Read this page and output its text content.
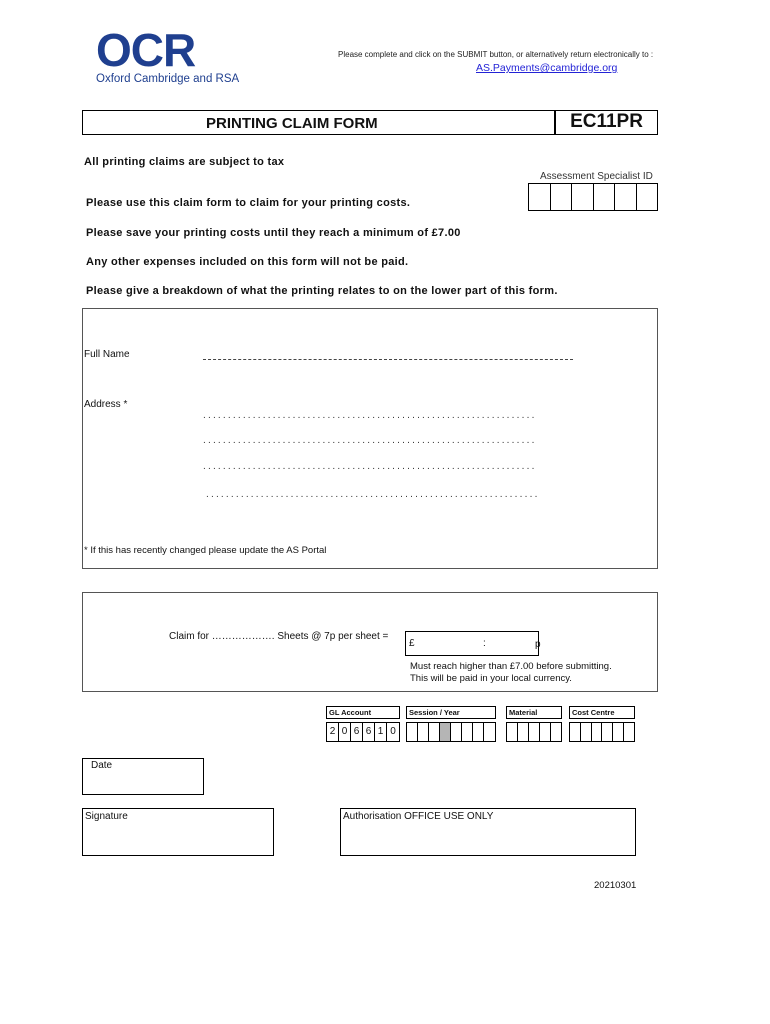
OCR
Oxford Cambridge and RSA
Please complete and click on the SUBMIT button, or alternatively return electronically to :
AS.Payments@cambridge.org
PRINTING CLAIM FORM	EC11PR
All printing claims are subject to tax
Assessment Specialist ID
Please use this claim form to claim for your printing costs.
Please save your printing costs until they reach a minimum of £7.00
Any other expenses included on this form will not be paid.
Please give a breakdown of what the printing relates to on the lower part of this form.
Full Name
Address *
...................................................................
...................................................................
...................................................................
...................................................................
* If this has recently changed please update the AS Portal
Claim for ………………. Sheets @ 7p per sheet =
£	:	p
Must reach higher than £7.00 before submitting.
This will be paid in your local currency.
GL Account
2 0 6 6 1 0
Session / Year	Material	Cost Centre
Date
Signature	Authorisation OFFICE USE ONLY
20210301
